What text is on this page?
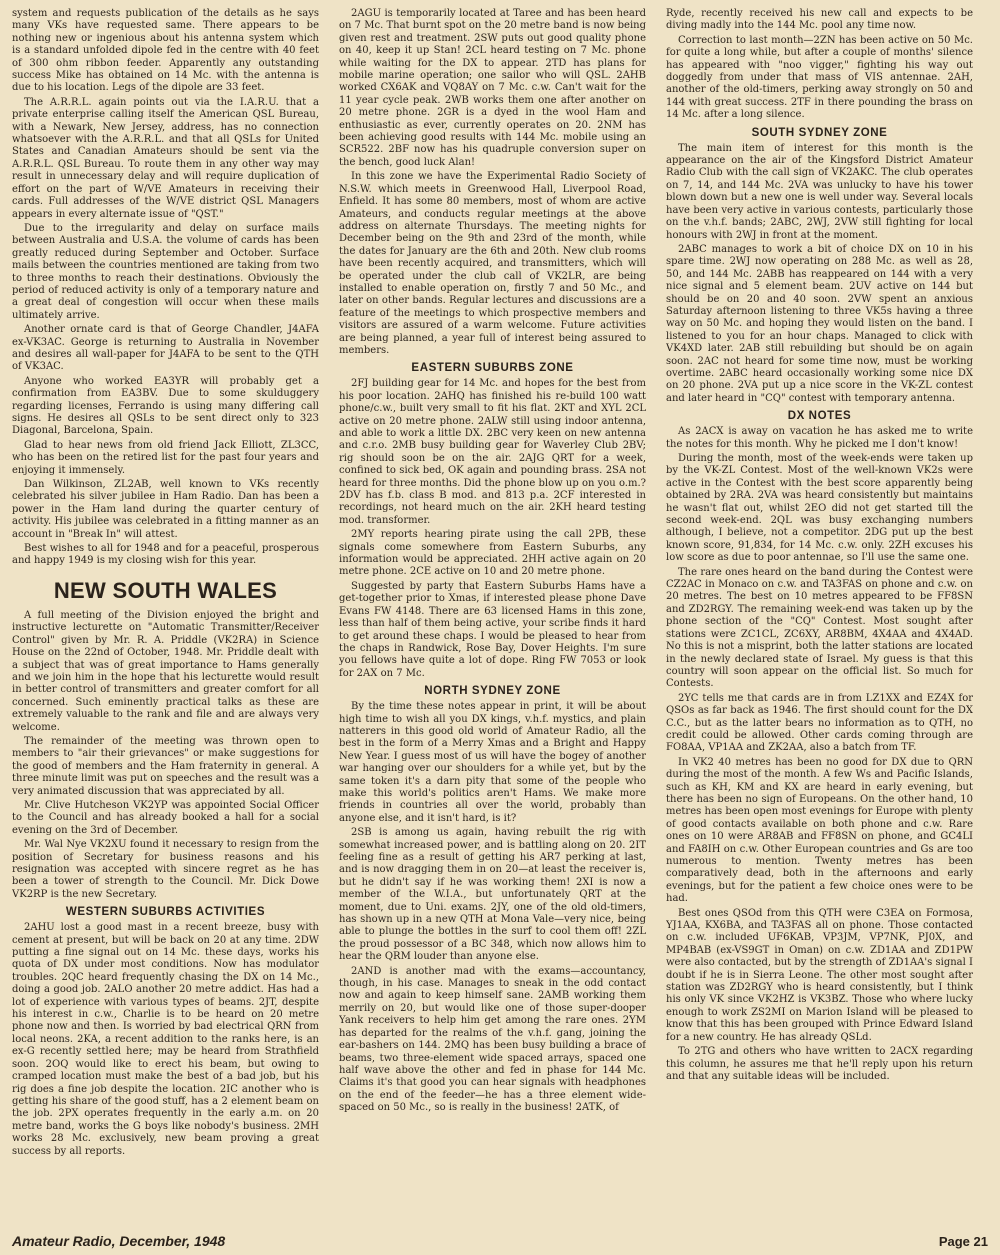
system and requests publication of the details as he says many VKs have requested same. There appears to be nothing new or ingenious about his antenna system which is a standard unfolded dipole fed in the centre with 40 feet of 300 ohm ribbon feeder. Apparently any outstanding success Mike has obtained on 14 Mc. with the antenna is due to his location. Legs of the dipole are 33 feet.

The A.R.R.L. again points out via the I.A.R.U. that a private enterprise calling itself the American QSL Bureau, with a Newark, New Jersey, address, has no connection whatsoever with the A.R.R.L. and that all QSLs for United States and Canadian Amateurs should be sent via the A.R.R.L. QSL Bureau. To route them in any other way may result in unnecessary delay and will require duplication of effort on the part of W/VE Amateurs in receiving their cards. Full addresses of the W/VE district QSL Managers appears in every alternate issue of "QST."

Due to the irregularity and delay on surface mails between Australia and U.S.A. the volume of cards has been greatly reduced during September and October. Surface mails between the countries mentioned are taking from two to three months to reach their destinations. Obviously the period of reduced activity is only of a temporary nature and a great deal of congestion will occur when these mails ultimately arrive.

Another ornate card is that of George Chandler, J4AFA ex-VK3AC. George is returning to Australia in November and desires all wall-paper for J4AFA to be sent to the QTH of VK3AC.

Anyone who worked EA3YR will probably get a confirmation from EA3BV. Due to some skulduggery regarding licenses, Ferrando is using many differing call signs. He desires all QSLs to be sent direct only to 323 Diagonal, Barcelona, Spain.

Glad to hear news from old friend Jack Elliott, ZL3CC, who has been on the retired list for the past four years and enjoying it immensely.

Dan Wilkinson, ZL2AB, well known to VKs recently celebrated his silver jubilee in Ham Radio. Dan has been a power in the Ham land during the quarter century of activity. His jubilee was celebrated in a fitting manner as an account in "Break In" will attest.

Best wishes to all for 1948 and for a peaceful, prosperous and happy 1949 is my closing wish for this year.

NEW SOUTH WALES

A full meeting of the Division enjoyed the bright and instructive lecturette on "Automatic Transmitter/Receiver Control" given by Mr. R. A. Priddle (VK2RA) in Science House on the 22nd of October, 1948. Mr. Priddle dealt with a subject that was of great importance to Hams generally and we join him in the hope that his lecturette would result in better control of transmitters and greater comfort for all concerned. Such eminently practical talks as these are extremely valuable to the rank and file and are always very welcome.

The remainder of the meeting was thrown open to members to "air their grievances" or make suggestions for the good of members and the Ham fraternity in general. A three minute limit was put on speeches and the result was a very animated discussion that was appreciated by all.

Mr. Clive Hutcheson VK2YP was appointed Social Officer to the Council and has already booked a hall for a social evening on the 3rd of December.

Mr. Wal Nye VK2XU found it necessary to resign from the position of Secretary for business reasons and his resignation was accepted with sincere regret as he has been a tower of strength to the Council. Mr. Dick Dowe VK2RP is the new Secretary.

WESTERN SUBURBS ACTIVITIES

2AHU lost a good mast in a recent breeze, busy with cement at present, but will be back on 20 at any time. 2DW putting a fine signal out on 14 Mc. these days, works his quota of DX under most conditions. Now has modulator troubles. 2QC heard frequently chasing the DX on 14 Mc., doing a good job. 2ALO another 20 metre addict. Has had a lot of experience with various types of beams. 2JT, despite his interest in c.w., Charlie is to be heard on 20 metre phone now and then. Is worried by bad electrical QRN from local neons. 2KA, a recent addition to the ranks here, is an ex-G recently settled here; may be heard from Strathfield soon. 2OQ would like to erect his beam, but owing to cramped location must make the best of a bad job, but his rig does a fine job despite the location. 2IC another who is getting his share of the good stuff, has a 2 element beam on the job. 2PX operates frequently in the early a.m. on 20 metre band, works the G boys like nobody's business. 2MH works 28 Mc. exclusively, new beam proving a great success by all reports.

2AGU is temporarily located at Taree and has been heard on 7 Mc. That burnt spot on the 20 metre band is now being given rest and treatment. 2SW puts out good quality phone on 40, keep it up Stan! 2CL heard testing on 7 Mc. phone while waiting for the DX to appear. 2TD has plans for mobile marine operation; one sailor who will QSL. 2AHB worked CX6AK and VQ8AY on 7 Mc. c.w. Can't wait for the 11 year cycle peak. 2WB works them one after another on 20 metre phone. 2GR is a dyed in the wool Ham and enthusiastic as ever, currently operates on 20. 2NM has been achieving good results with 144 Mc. mobile using an SCR522. 2BF now has his quadruple conversion super on the bench, good luck Alan!

In this zone we have the Experimental Radio Society of N.S.W. which meets in Greenwood Hall, Liverpool Road, Enfield. It has some 80 members, most of whom are active Amateurs, and conducts regular meetings at the above address on alternate Thursdays. The meeting nights for December being on the 9th and 23rd of the month, while the dates for January are the 6th and 20th. New club rooms have been recently acquired, and transmitters, which will be operated under the club call of VK2LR, are being installed to enable operation on, firstly 7 and 50 Mc., and later on other bands. Regular lectures and discussions are a feature of the meetings to which prospective members and visitors are assured of a warm welcome. Future activities are being planned, a year full of interest being assured to members.

EASTERN SUBURBS ZONE

2FJ building gear for 14 Mc. and hopes for the best from his poor location. 2AHQ has finished his re-build 100 watt phone/c.w., built very small to fit his flat. 2KT and XYL 2CL active on 20 metre phone. 2ALW still using indoor antenna, and able to work a little DX. 2BC very keen on new antenna and c.r.o. 2MB busy building gear for Waverley Club 2BV; rig should soon be on the air. 2AJG QRT for a week, confined to sick bed, OK again and pounding brass. 2SA not heard for three months. Did the phone blow up on you o.m.? 2DV has f.b. class B mod. and 813 p.a. 2CF interested in recordings, not heard much on the air. 2KH heard testing mod. transformer.

2MY reports hearing pirate using the call 2PB, these signals come somewhere from Eastern Suburbs, any information would be appreciated. 2HH active again on 20 metre phone. 2CE active on 10 and 20 metre phone.

Suggested by party that Eastern Suburbs Hams have a get-together prior to Xmas, if interested please phone Dave Evans FW 4148. There are 63 licensed Hams in this zone, less than half of them being active, your scribe finds it hard to get around these chaps. I would be pleased to hear from the chaps in Randwick, Rose Bay, Dover Heights. I'm sure you fellows have quite a lot of dope. Ring FW 7053 or look for 2AX on 7 Mc.

NORTH SYDNEY ZONE

By the time these notes appear in print, it will be about high time to wish all you DX kings, v.h.f. mystics, and plain natterers in this good old world of Amateur Radio, all the best in the form of a Merry Xmas and a Bright and Happy New Year. I guess most of us will have the bogey of another war hanging over our shoulders for a while yet, but by the same token it's a darn pity that some of the people who make this world's politics aren't Hams. We make more friends in countries all over the world, probably than anyone else, and it isn't hard, is it?

2SB is among us again, having rebuilt the rig with somewhat increased power, and is battling along on 20. 2IT feeling fine as a result of getting his AR7 perking at last, and is now dragging them in on 20—at least the receiver is, but he didn't say if he was working them! 2XI is now a member of the W.I.A., but unfortunately QRT at the moment, due to Uni. exams. 2JY, one of the old old-timers, has shown up in a new QTH at Mona Vale—very nice, being able to plunge the bottles in the surf to cool them off! 2ZL the proud possessor of a BC 348, which now allows him to hear the QRM louder than anyone else.

2AND is another mad with the exams—accountancy, though, in his case. Manages to sneak in the odd contact now and again to keep himself sane. 2AMB working them merrily on 20, but would like one of those super-dooper Yank receivers to help him get among the rare ones. 2YM has departed for the realms of the v.h.f. gang, joining the ear-bashers on 144. 2MQ has been busy building a brace of beams, two three-element wide spaced arrays, spaced one half wave above the other and fed in phase for 144 Mc. Claims it's that good you can hear signals with headphones on the end of the feeder—he has a three element wide-spaced on 50 Mc., so is really in the business! 2ATK, of

Ryde, recently received his new call and expects to be diving madly into the 144 Mc. pool any time now.

Correction to last month—2ZN has been active on 50 Mc. for quite a long while, but after a couple of months' silence has appeared with "noo vigger," fighting his way out doggedly from under that mass of VIS antennae. 2AH, another of the old-timers, perking away strongly on 50 and 144 with great success. 2TF in there pounding the brass on 14 Mc. after a long silence.

SOUTH SYDNEY ZONE

The main item of interest for this month is the appearance on the air of the Kingsford District Amateur Radio Club with the call sign of VK2AKC. The club operates on 7, 14, and 144 Mc. 2VA was unlucky to have his tower blown down but a new one is well under way. Several locals have been very active in various contests, particularly those on the v.h.f. bands; 2ABC, 2WJ, 2VW still fighting for local honours with 2WJ in front at the moment.

2ABC manages to work a bit of choice DX on 10 in his spare time. 2WJ now operating on 288 Mc. as well as 28, 50, and 144 Mc. 2ABB has reappeared on 144 with a very nice signal and 5 element beam. 2UV active on 144 but should be on 20 and 40 soon. 2VW spent an anxious Saturday afternoon listening to three VK5s having a three way on 50 Mc. and hoping they would listen on the band. I listened to you for an hour chaps. Managed to click with VK4XD later. 2AB still rebuilding but should be on again soon. 2AC not heard for some time now, must be working overtime. 2ABC heard occasionally working some nice DX on 20 phone. 2VA put up a nice score in the VK-ZL contest and later heard in "CQ" contest with temporary antenna.

DX NOTES

As 2ACX is away on vacation he has asked me to write the notes for this month. Why he picked me I don't know!

During the month, most of the week-ends were taken up by the VK-ZL Contest. Most of the well-known VK2s were active in the Contest with the best score apparently being obtained by 2RA. 2VA was heard consistently but maintains he wasn't flat out, whilst 2EO did not get started till the second week-end. 2QL was busy exchanging numbers although, I believe, not a competitor. 2DG put up the best known score, 91,834, for 14 Mc. c.w. only. 2ZH excuses his low score as due to poor antennae, so I'll use the same one.

The rare ones heard on the band during the Contest were CZ2AC in Monaco on c.w. and TA3FAS on phone and c.w. on 20 metres. The best on 10 metres appeared to be FF8SN and ZD2RGY. The remaining week-end was taken up by the phone section of the "CQ" Contest. Most sought after stations were ZC1CL, ZC6XY, AR8BM, 4X4AA and 4X4AD. No this is not a misprint, both the latter stations are located in the newly declared state of Israel. My guess is that this country will soon appear on the official list. So much for Contests.

2YC tells me that cards are in from LZ1XX and EZ4X for QSOs as far back as 1946. The first should count for the DX C.C., but as the latter bears no information as to QTH, no credit could be allowed. Other cards coming through are FO8AA, VP1AA and ZK2AA, also a batch from TF.

In VK2 40 metres has been no good for DX due to QRN during the most of the month. A few Ws and Pacific Islands, such as KH, KM and KX are heard in early evening, but there has been no sign of Europeans. On the other hand, 10 metres has been open most evenings for Europe with plenty of good contacts available on both phone and c.w. Rare ones on 10 were AR8AB and FF8SN on phone, and GC4LI and FA8IH on c.w. Other European countries and Gs are too numerous to mention. Twenty metres has been comparatively dead, both in the afternoons and early evenings, but for the patient a few choice ones were to be had.

Best ones QSOd from this QTH were C3EA on Formosa, YJ1AA, KX6BA, and TA3FAS all on phone. Those contacted on c.w. included UF6KAB, VP3JM, VP7NK, PJ0X, and MP4BAB (ex-VS9GT in Oman) on c.w. ZD1AA and ZD1PW were also contacted, but by the strength of ZD1AA's signal I doubt if he is in Sierra Leone. The other most sought after station was ZD2RGY who is heard consistently, but I think his only VK since VK2HZ is VK3BZ. Those who where lucky enough to work ZS2MI on Marion Island will be pleased to know that this has been grouped with Prince Edward Island for a new country. He has already QSLd.

To 2TG and others who have written to 2ACX regarding this column, he assures me that he'll reply upon his return and that any suitable ideas will be included.

Amateur Radio, December, 1948	Page 21
